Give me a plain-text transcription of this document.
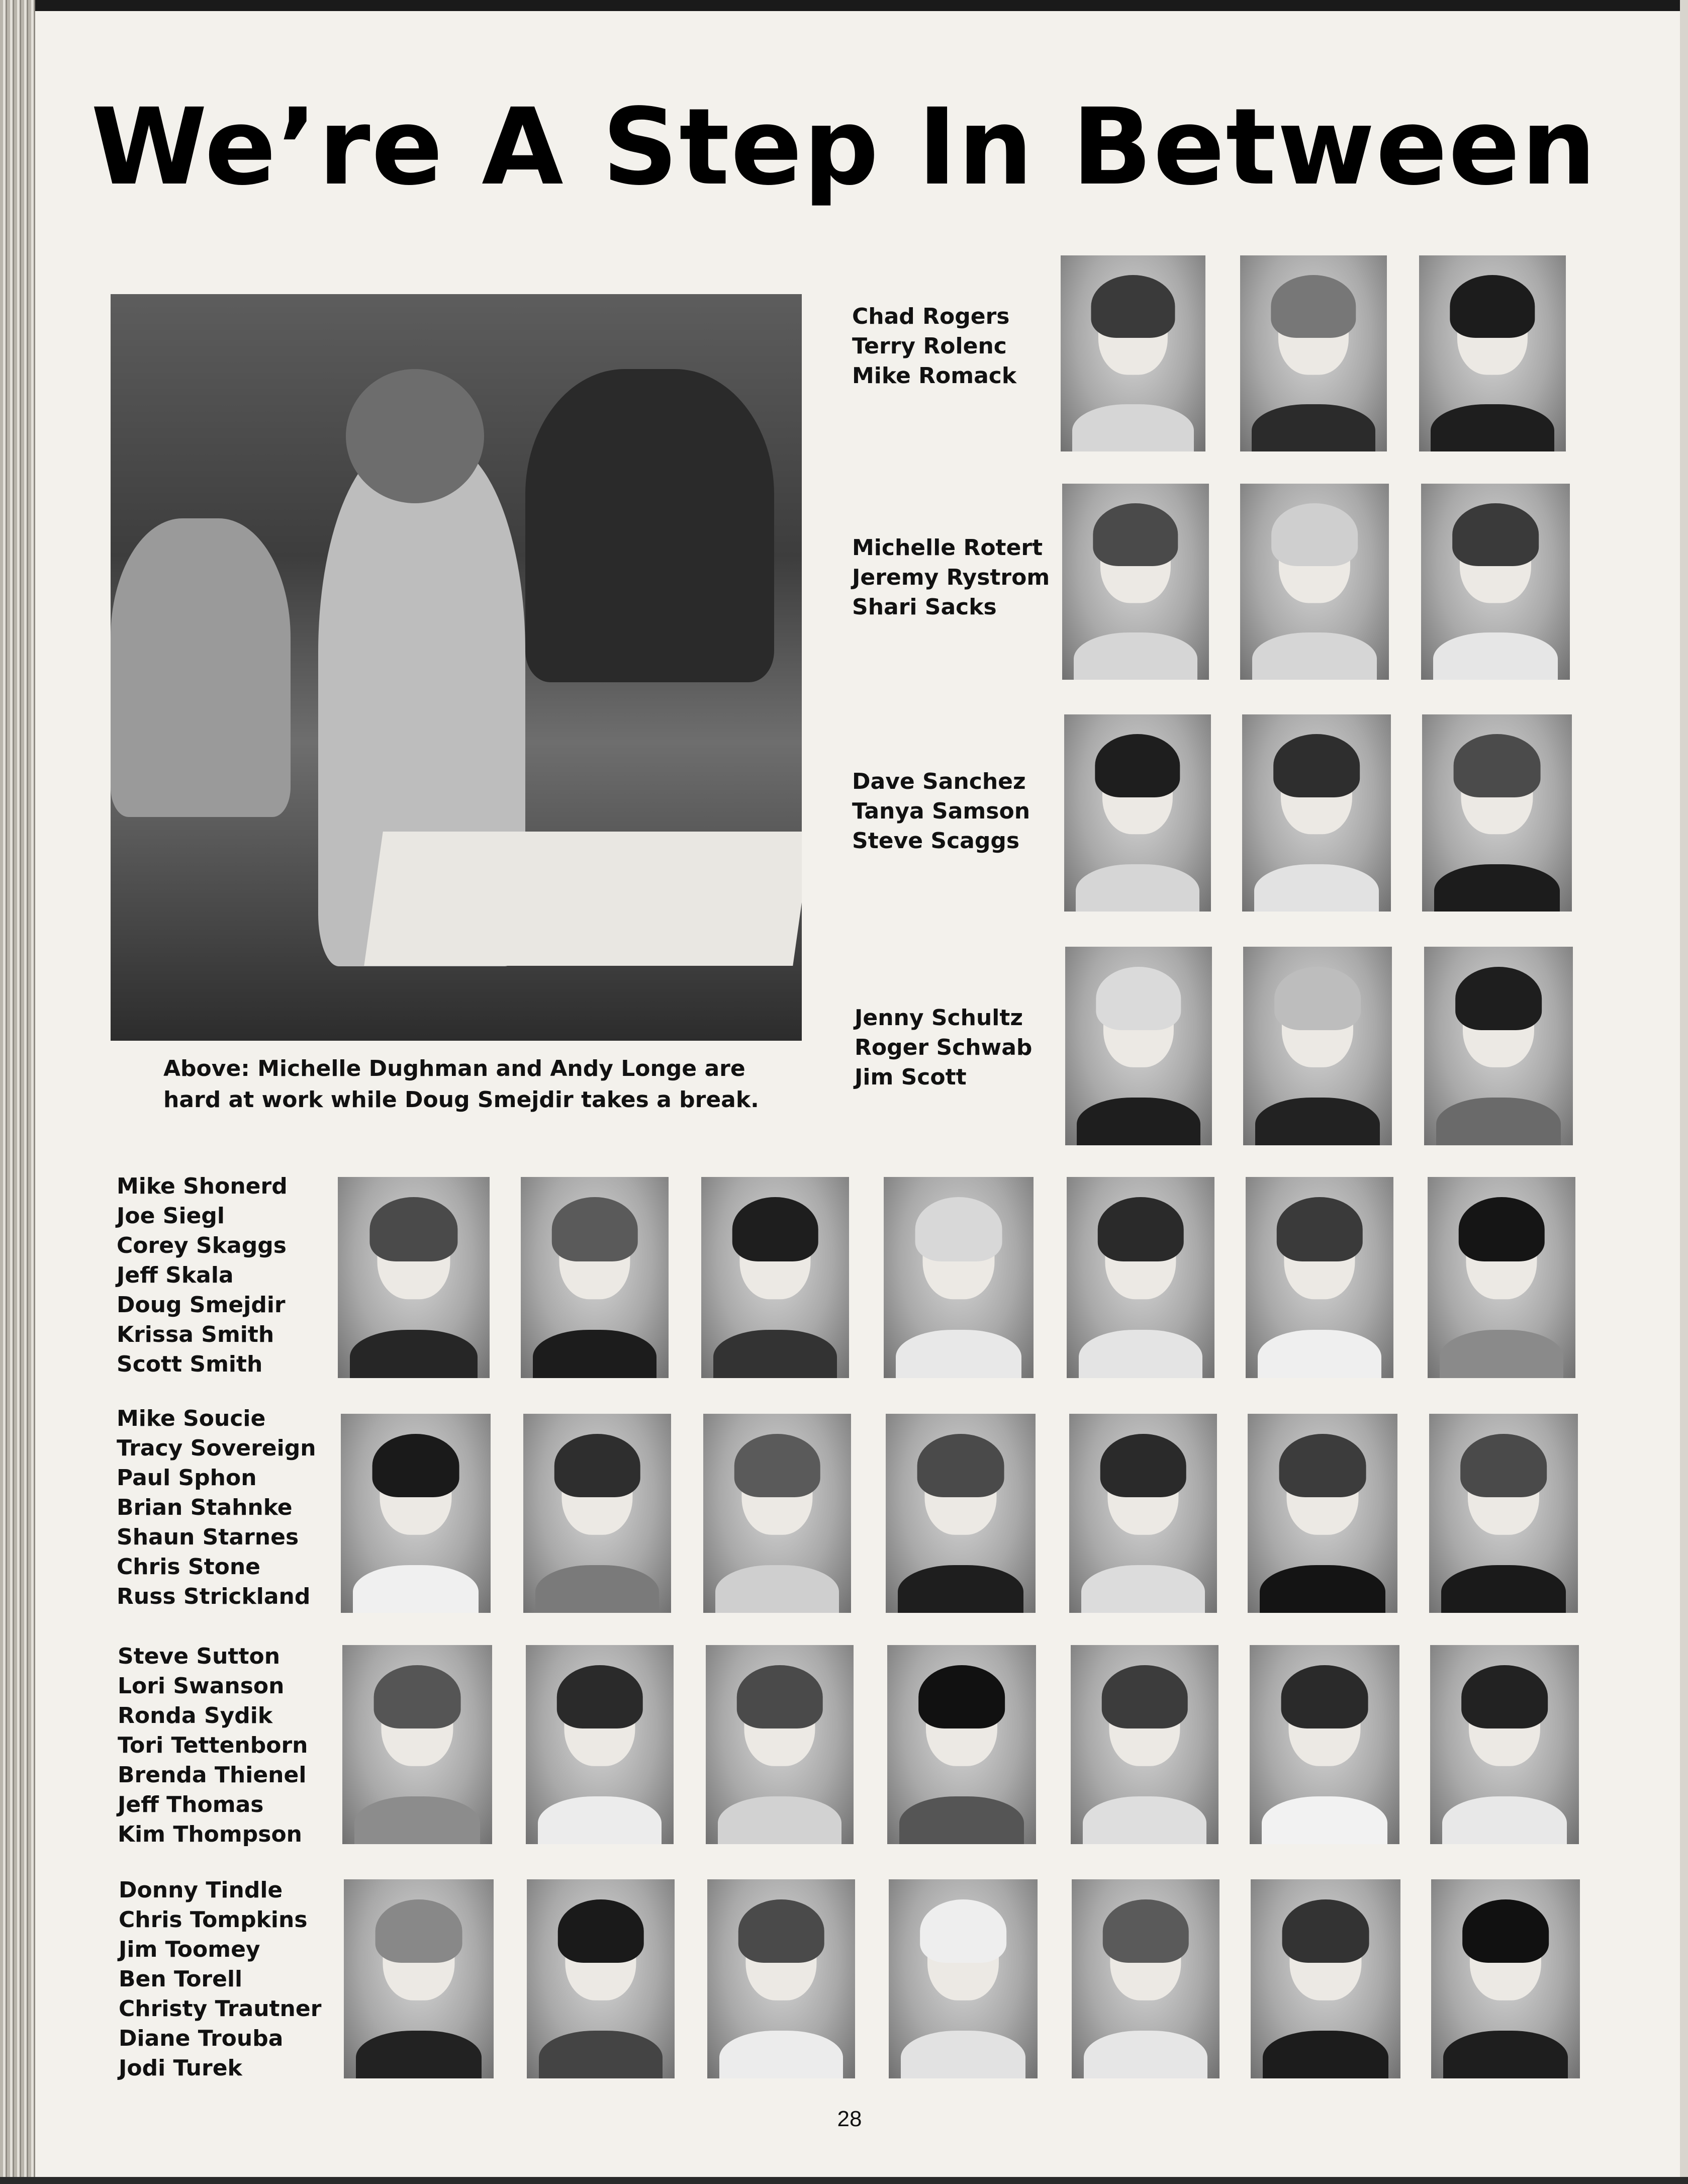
We’re A Step In Between
Above: Michelle Dughman and Andy Longe are
hard at work while Doug Smejdir takes a break.
Chad Rogers
Terry Rolenc
Mike Romack
Michelle Rotert
Jeremy Rystrom
Shari Sacks
Dave Sanchez
Tanya Samson
Steve Scaggs
Jenny Schultz
Roger Schwab
Jim Scott
Mike Shonerd
Joe Siegl
Corey Skaggs
Jeff Skala
Doug Smejdir
Krissa Smith
Scott Smith
Mike Soucie
Tracy Sovereign
Paul Sphon
Brian Stahnke
Shaun Starnes
Chris Stone
Russ Strickland
Steve Sutton
Lori Swanson
Ronda Sydik
Tori Tettenborn
Brenda Thienel
Jeff Thomas
Kim Thompson
Donny Tindle
Chris Tompkins
Jim Toomey
Ben Torell
Christy Trautner
Diane Trouba
Jodi Turek
28
